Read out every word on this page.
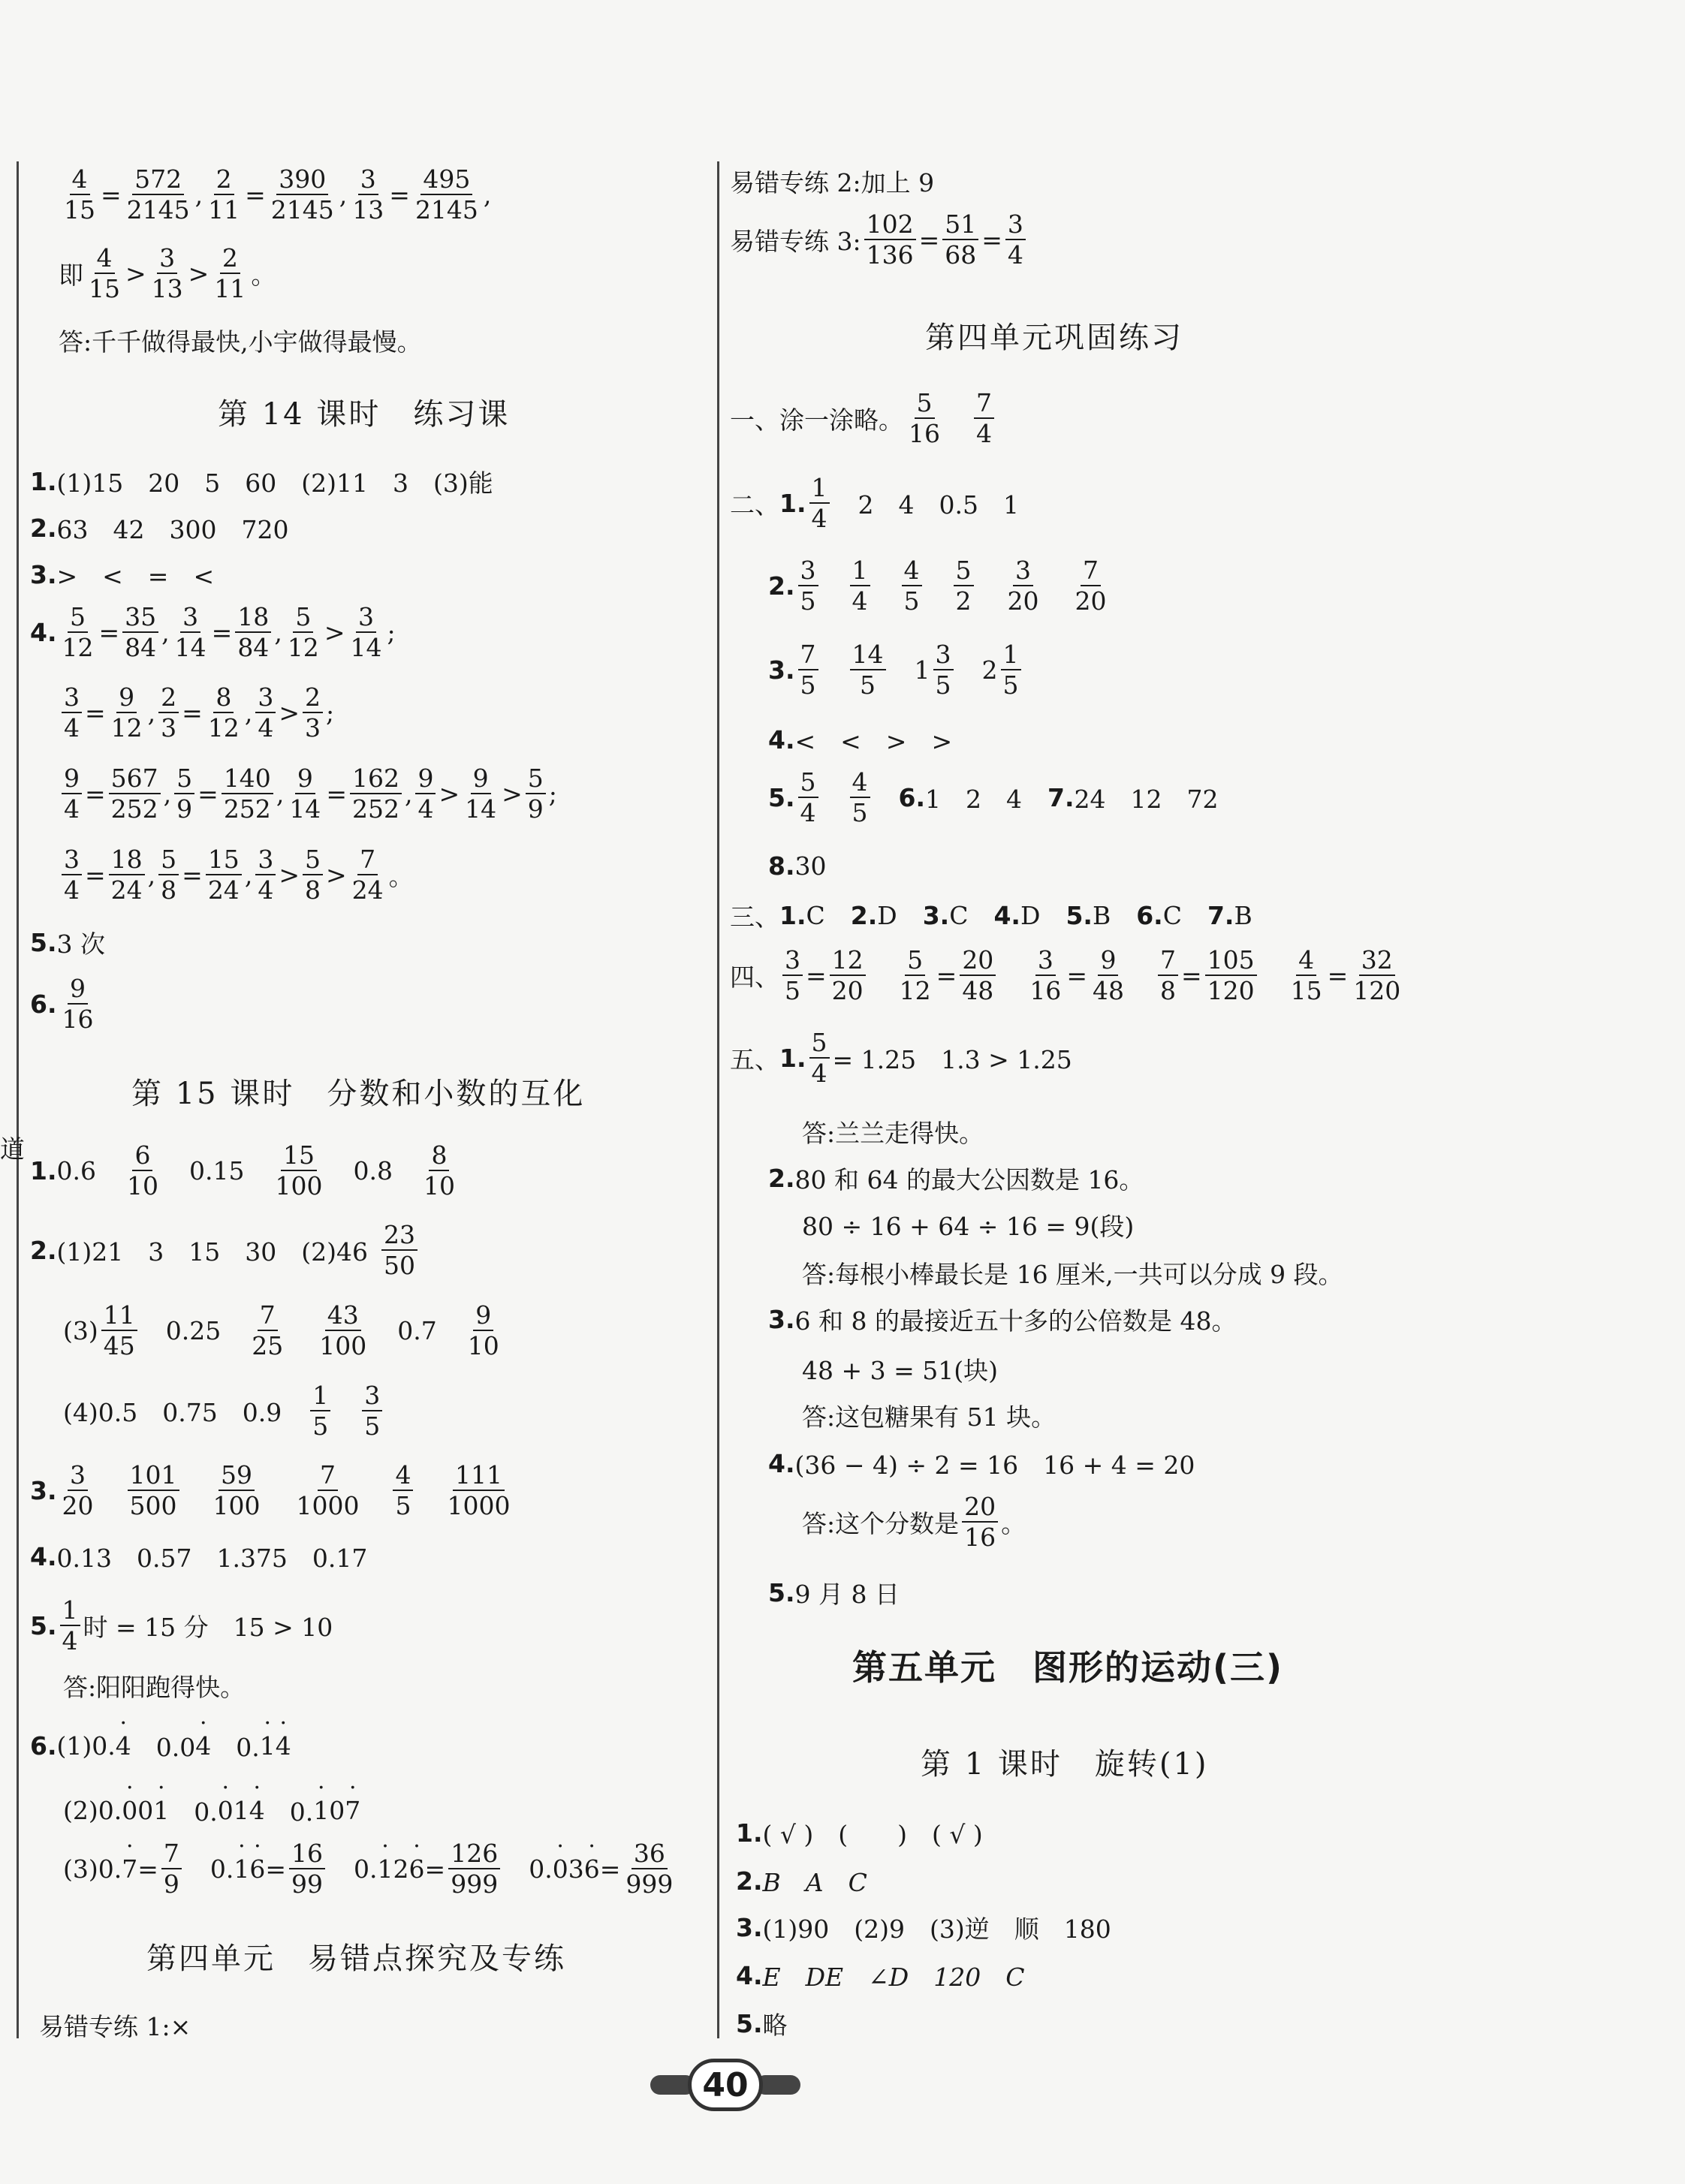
道
$\frac{4}{15} = \frac{572}{2145}$ , $\frac{2}{11} = \frac{390}{2145}$ , $\frac{3}{13} = \frac{495}{2145}$ ,
即 $\frac{4}{15} > \frac{3}{13} > \frac{2}{11}$ 。
答:千千做得最快,小宇做得最慢。
第 14 课时　练习课
1. (1)15　20　5　60　(2)11　3　(3)能
2. 63　42　300　720
3. >　<　=　<
4. $\frac{5}{12} = \frac{35}{84}$ , $\frac{3}{14} = \frac{18}{84}$ , $\frac{5}{12} > \frac{3}{14}$ ;
$\frac{3}{4} = \frac{9}{12}$ , $\frac{2}{3} = \frac{8}{12}$ , $\frac{3}{4} > \frac{2}{3}$ ;
$\frac{9}{4} = \frac{567}{252}$ , $\frac{5}{9} = \frac{140}{252}$ , $\frac{9}{14} = \frac{162}{252}$ , $\frac{9}{4} > \frac{9}{14} > \frac{5}{9}$ ;
$\frac{3}{4} = \frac{18}{24}$ , $\frac{5}{8} = \frac{15}{24}$ , $\frac{3}{4} > \frac{5}{8} > \frac{7}{24}$ 。
5. 3 次
6. $\frac{9}{16}$
第 15 课时　分数和小数的互化
1. $0.6 \frac{6}{10} 0.15 \frac{15}{100} 0.8 \frac{8}{10}$
2. (1)21　3　15　30　$(2)46 \frac{23}{50}$
$(3) \frac{11}{45} 0.25 \frac{7}{25} \frac{43}{100} 0.7 \frac{9}{10}$
(4)0.5　0.75　$0.9 \frac{1}{5} \frac{3}{5}$
3. $\frac{3}{20} \frac{101}{500} \frac{59}{100} \frac{7}{1000} \frac{4}{5} \frac{111}{1000}$
4. 0.13　0.57　1.375　0.17
5. $\frac{1}{4}$ 时 = 15 分　15 > 10
答:阳阳跑得快。
6. (1)0.
· 4 　0.0
· 4 　0.
· 1
· 4
(2)0.
· 0 0
· 1 　0.
· 0 1
· 4 　0.
· 1 0
· 7
(3)0.
· $7 = \frac{7}{9} 0$.
· 1
· $6 = \frac{16}{99} 0$.
· 1 2
· $6 = \frac{126}{999} 0$.
· 0 3
· $6 = \frac{36}{999}$
第四单元　易错点探究及专练
易错专练 1:×
易错专练 2:加上 9
易错专练 3: $\frac{102}{136} = \frac{51}{68} = \frac{3}{4}$
第四单元巩固练习
一、涂一涂略。 $\frac{5}{16} \frac{7}{4}$
二、 1. $\frac{1}{4} 2$　4　0.5　1
2. $\frac{3}{5} \frac{1}{4} \frac{4}{5} \frac{5}{2} \frac{3}{20} \frac{7}{20}$
3. $\frac{7}{5} \frac{14}{5} 1 \frac{3}{5} 2 \frac{1}{5}$
4. <　<　>　>
5. $\frac{5}{4} \frac{4}{5} 6$. 1　2　4 7. 24　12　72
8. 30
三、 1. C 2. D 3. C 4. D 5. B 6. C 7. B
四、 $\frac{3}{5} = \frac{12}{20} \frac{5}{12} = \frac{20}{48} \frac{3}{16} = \frac{9}{48} \frac{7}{8} = \frac{105}{120} \frac{4}{15} = \frac{32}{120}$
五、 1. $\frac{5}{4} = 1.25$　1.3 > 1.25
答:兰兰走得快。
2. 80 和 64 的最大公因数是 16。
80 ÷ 16 + 64 ÷ 16 = 9(段)
答:每根小棒最长是 16 厘米,一共可以分成 9 段。
3. 6 和 8 的最接近五十多的公倍数是 48。
48 + 3 = 51(块)
答:这包糖果有 51 块。
4. (36 − 4) ÷ 2 = 16　16 + 4 = 20
答:这个分数是 $\frac{20}{16}$ 。
5. 9 月 8 日
第五单元　图形的运动(三)
第 1 课时　旋转(1)
1. ( √ )　(　　)　( √ )
2. B　A　C
3. (1)90　(2)9　(3)逆　顺　180
4. E　DE　∠D　120　C
5. 略
40
